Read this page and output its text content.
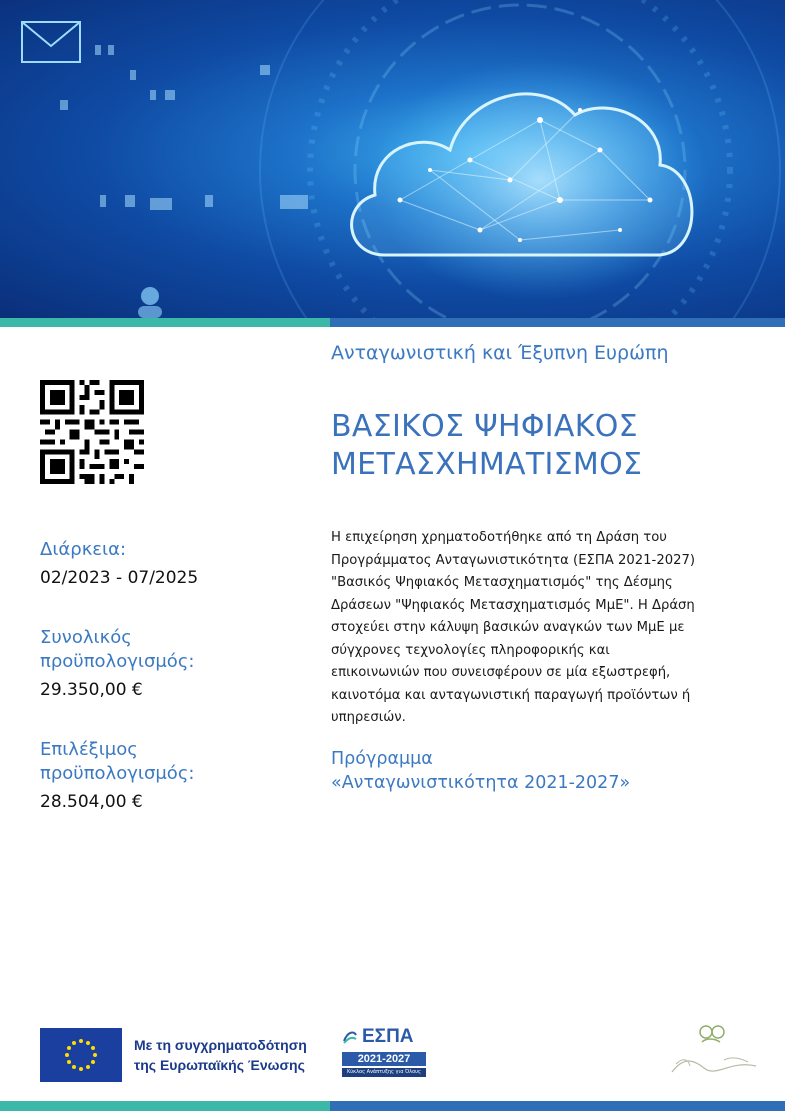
Διάρκεια:
02/2023 - 07/2025
Συνολικός
προϋπολογισμός:
29.350,00 €
Επιλέξιμος
προϋπολογισμός:
28.504,00 €
Ανταγωνιστική και Έξυπνη Ευρώπη
ΒΑΣΙΚΟΣ ΨΗΦΙΑΚΟΣ
ΜΕΤΑΣΧΗΜΑΤΙΣΜΟΣ
Η επιχείρηση χρηματοδοτήθηκε από τη Δράση του
Προγράμματος Ανταγωνιστικότητα (ΕΣΠΑ 2021-2027)
"Βασικός Ψηφιακός Μετασχηματισμός" της Δέσμης
Δράσεων "Ψηφιακός Μετασχηματισμός ΜμΕ". Η Δράση
στοχεύει στην κάλυψη βασικών αναγκών των ΜμΕ με
σύγχρονες τεχνολογίες πληροφορικής και
επικοινωνιών που συνεισφέρουν σε μία εξωστρεφή,
καινοτόμα και ανταγωνιστική παραγωγή προϊόντων ή
υπηρεσιών.
Πρόγραμμα
«Ανταγωνιστικότητα 2021-2027»
Με τη συγχρηματοδότηση
της Ευρωπαϊκής Ένωσης
ΕΣΠΑ
2021-2027
Κύκλος Ανάπτυξης για Όλους
